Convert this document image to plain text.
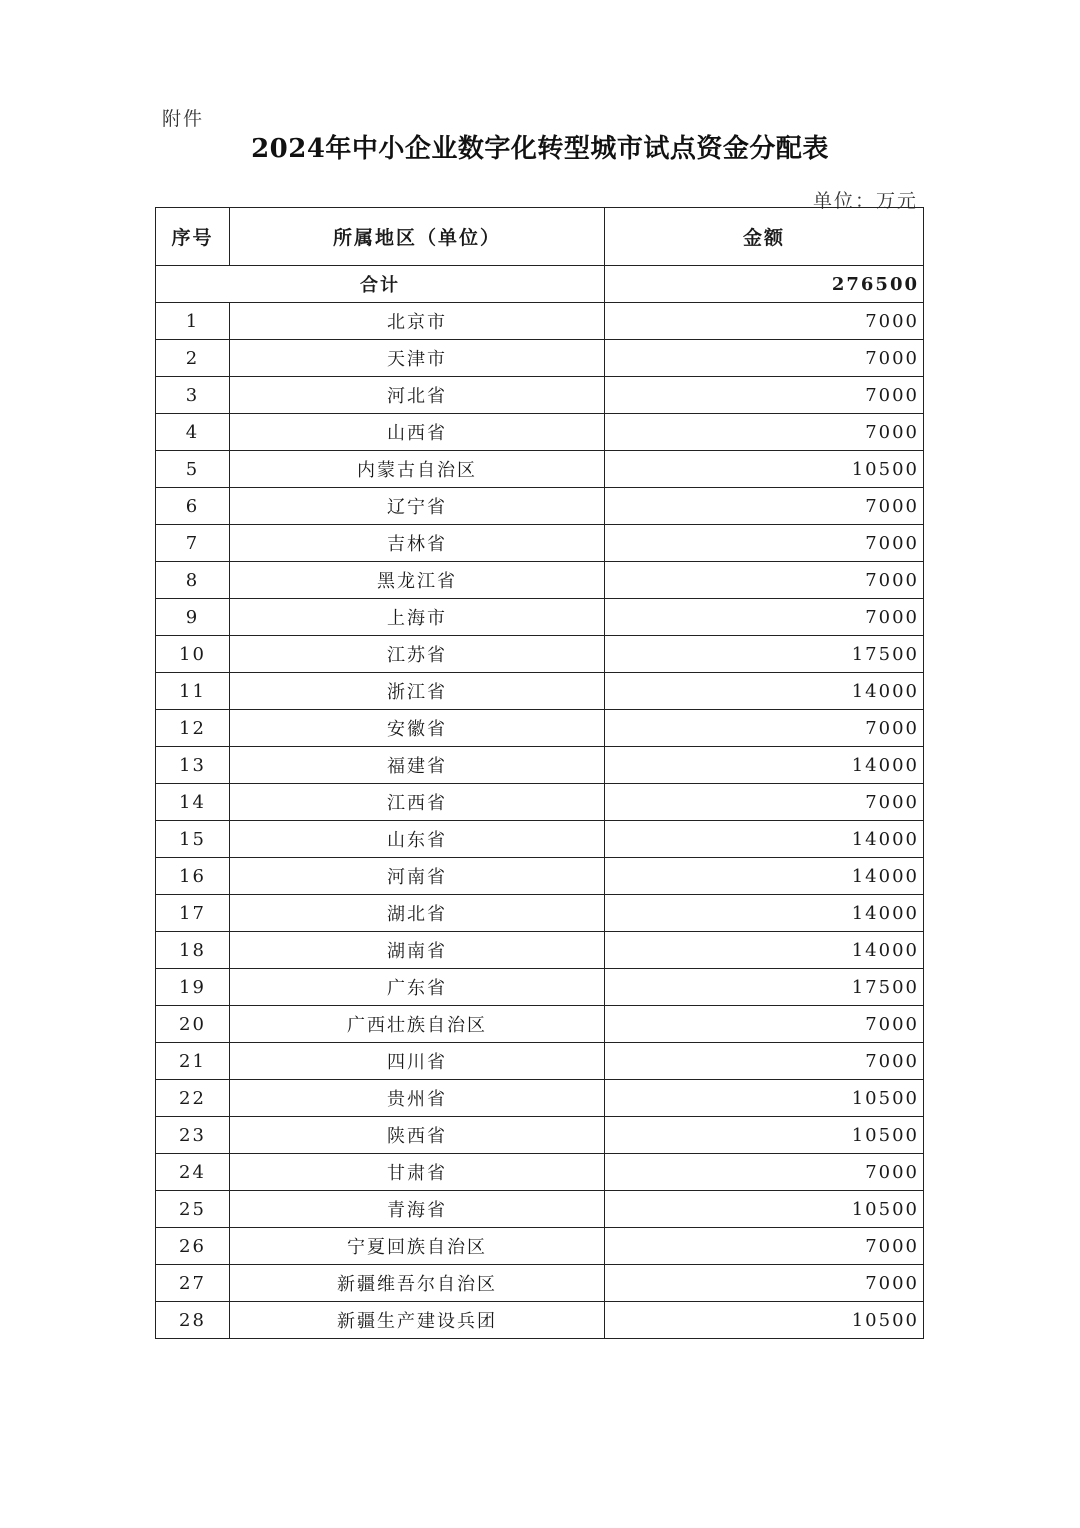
附件
2024年中小企业数字化转型城市试点资金分配表
单位：万元
序号	所属地区（单位）	金额
合计		276500
1	北京市	7000
2	天津市	7000
3	河北省	7000
4	山西省	7000
5	内蒙古自治区	10500
6	辽宁省	7000
7	吉林省	7000
8	黑龙江省	7000
9	上海市	7000
10	江苏省	17500
11	浙江省	14000
12	安徽省	7000
13	福建省	14000
14	江西省	7000
15	山东省	14000
16	河南省	14000
17	湖北省	14000
18	湖南省	14000
19	广东省	17500
20	广西壮族自治区	7000
21	四川省	7000
22	贵州省	10500
23	陕西省	10500
24	甘肃省	7000
25	青海省	10500
26	宁夏回族自治区	7000
27	新疆维吾尔自治区	7000
28	新疆生产建设兵团	10500
